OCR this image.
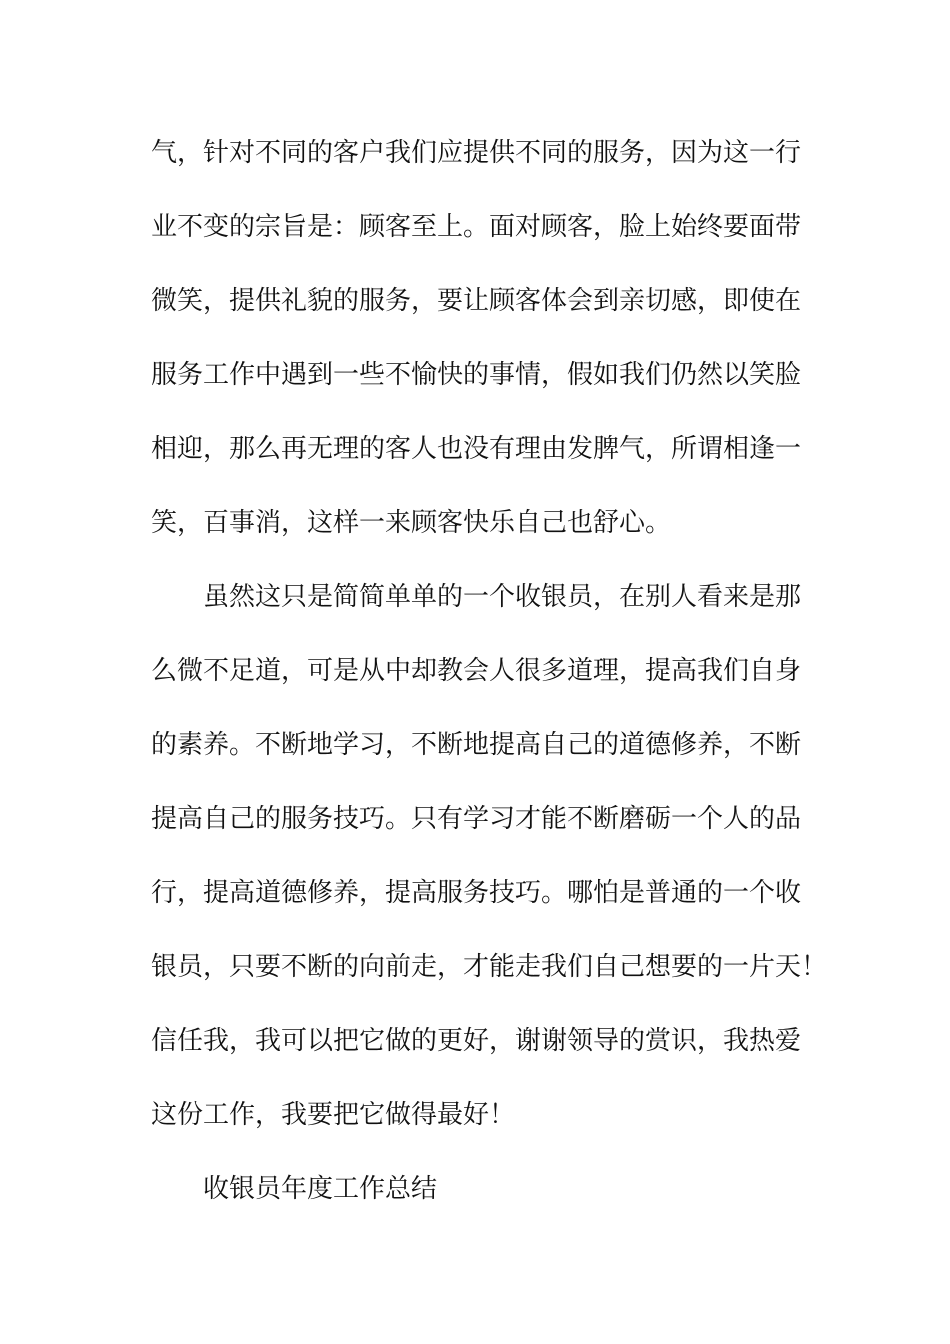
气，针对不同的客户我们应提供不同的服务，因为这一行

业不变的宗旨是：顾客至上。面对顾客，脸上始终要面带

微笑，提供礼貌的服务，要让顾客体会到亲切感，即使在

服务工作中遇到一些不愉快的事情，假如我们仍然以笑脸

相迎，那么再无理的客人也没有理由发脾气，所谓相逢一

笑，百事消，这样一来顾客快乐自己也舒心。

虽然这只是简简单单的一个收银员，在别人看来是那

么微不足道，可是从中却教会人很多道理，提高我们自身

的素养。不断地学习，不断地提高自己的道德修养，不断

提高自己的服务技巧。只有学习才能不断磨砺一个人的品

行，提高道德修养，提高服务技巧。哪怕是普通的一个收

银员，只要不断的向前走，才能走我们自己想要的一片天！

信任我，我可以把它做的更好，谢谢领导的赏识，我热爱

这份工作，我要把它做得最好！

收银员年度工作总结
